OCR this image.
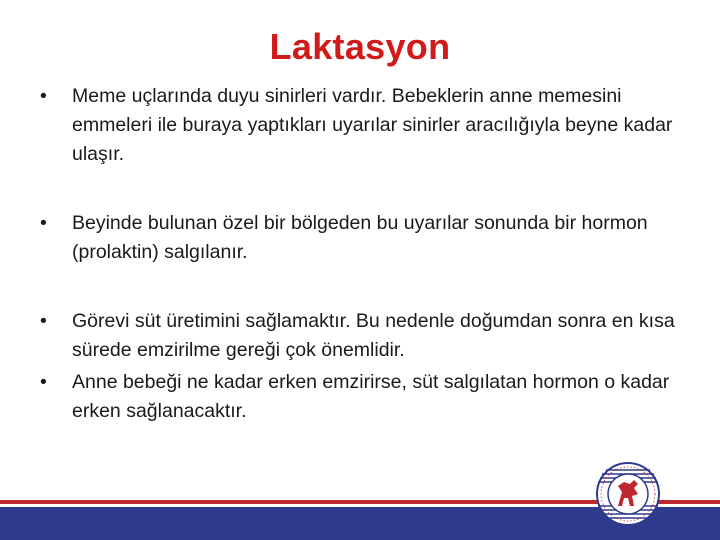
Laktasyon
•	Meme uçlarında duyu sinirleri vardır. Bebeklerin anne memesini emmeleri ile buraya yaptıkları uyarılar sinirler aracılığıyla beyne kadar ulaşır.
•	Beyinde bulunan özel bir bölgeden bu uyarılar sonunda bir hormon (prolaktin) salgılanır.
•	Görevi süt üretimini sağlamaktır. Bu nedenle doğumdan sonra en kısa sürede emzirilme gereği çok önemlidir.
•	Anne bebeği ne kadar erken emzirirse, süt salgılatan hormon o kadar erken sağlanacaktır.
